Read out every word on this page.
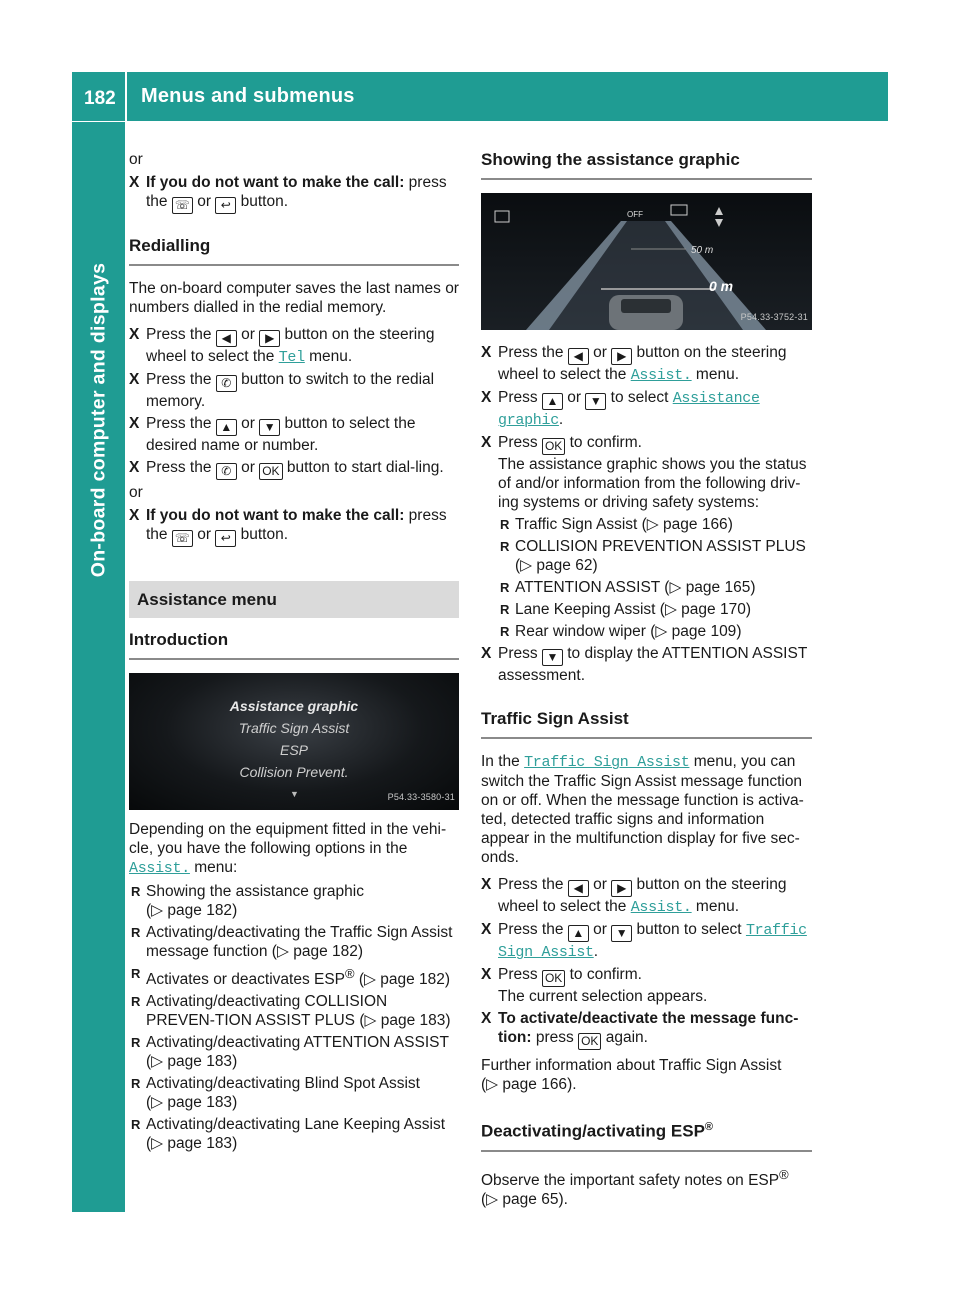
182 Menus and submenus
On-board computer and displays

or

X If you do not want to make the call: press
the ☏ or ↩ button.
Redialling

The on-board computer saves the last names or numbers dialled in the redial memory.

X Press the ◀ or ▶ button on the steering wheel to select the Tel menu.
X Press the ✆ button to switch to the redial memory.
X Press the ▲ or ▼ button to select the desired name or number.
X Press the ✆ or OK button to start dial-ling.

or

X If you do not want to make the call: press
the ☏ or ↩ button.
Assistance menu
Introduction
Assistance graphic
Traffic Sign Assist
ESP
Collision Prevent.
▼	P54.33-3580-31

Depending on the equipment fitted in the vehi-cle, you have the following options in the
Assist. menu:

R Showing the assistance graphic
(▷ page 182)
R Activating/deactivating the Traffic Sign Assist message function (▷ page 182)
R Activates or deactivates ESP® (▷ page 182)
R Activating/deactivating COLLISION PREVEN-TION ASSIST PLUS (▷ page 183)
R Activating/deactivating ATTENTION ASSIST
(▷ page 183)
R Activating/deactivating Blind Spot Assist
(▷ page 183)
R Activating/deactivating Lane Keeping Assist
(▷ page 183)
Showing the assistance graphic
OFF
50 m
0 m
P54.33-3752-31
X Press the ◀ or ▶ button on the steering wheel to select the Assist. menu.
X Press ▲ or ▼ to select Assistance graphic.
X Press OK to confirm.
The assistance graphic shows you the status of and/or information from the following driv-ing systems or driving safety systems:
R Traffic Sign Assist (▷ page 166)
R COLLISION PREVENTION ASSIST PLUS
(▷ page 62)
R ATTENTION ASSIST (▷ page 165)
R Lane Keeping Assist (▷ page 170)
R Rear window wiper (▷ page 109)
X Press ▼ to display the ATTENTION ASSIST assessment.
Traffic Sign Assist

In the Traffic Sign Assist menu, you can switch the Traffic Sign Assist message function on or off. When the message function is activa-ted, detected traffic signs and information appear in the multifunction display for five sec-onds.

X Press the ◀ or ▶ button on the steering wheel to select the Assist. menu.
X Press the ▲ or ▼ button to select Traffic Sign Assist.
X Press OK to confirm.
The current selection appears.
X To activate/deactivate the message func-tion: press OK again.

Further information about Traffic Sign Assist
(▷ page 166).

Deactivating/activating ESP®

Observe the important safety notes on ESP®
(▷ page 65).
